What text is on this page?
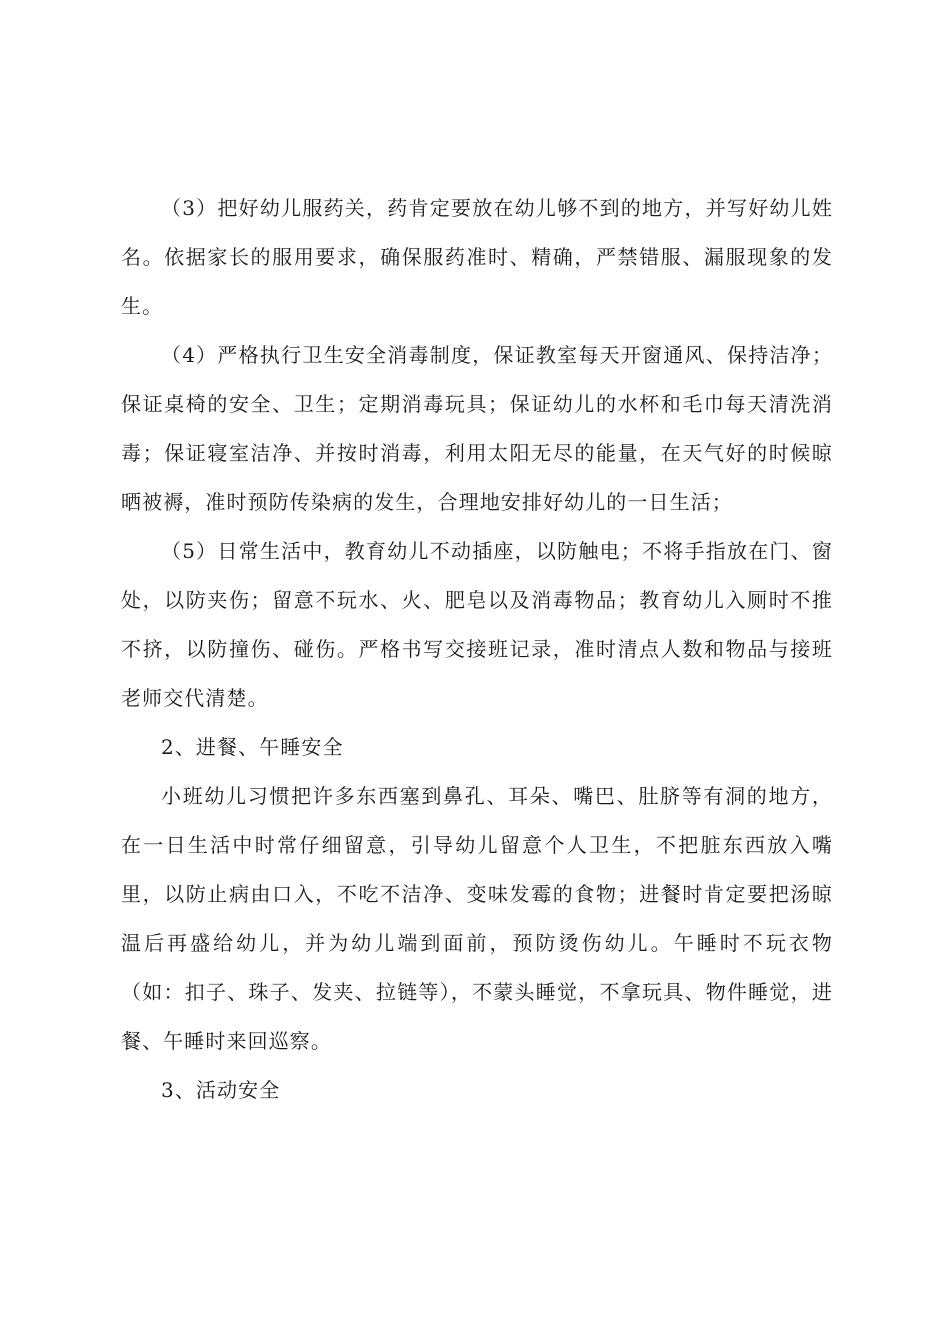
（3）把好幼儿服药关，药肯定要放在幼儿够不到的地方，并写好幼儿姓名。依据家长的服用要求，确保服药准时、精确，严禁错服、漏服现象的发生。

（4）严格执行卫生安全消毒制度，保证教室每天开窗通风、保持洁净；保证桌椅的安全、卫生；定期消毒玩具；保证幼儿的水杯和毛巾每天清洗消毒；保证寝室洁净、并按时消毒，利用太阳无尽的能量，在天气好的时候晾晒被褥，准时预防传染病的发生，合理地安排好幼儿的一日生活；

（5）日常生活中，教育幼儿不动插座，以防触电；不将手指放在门、窗处，以防夹伤；留意不玩水、火、肥皂以及消毒物品；教育幼儿入厕时不推不挤，以防撞伤、碰伤。严格书写交接班记录，准时清点人数和物品与接班老师交代清楚。

2、进餐、午睡安全

小班幼儿习惯把许多东西塞到鼻孔、耳朵、嘴巴、肚脐等有洞的地方，在一日生活中时常仔细留意，引导幼儿留意个人卫生，不把脏东西放入嘴里，以防止病由口入，不吃不洁净、变味发霉的食物；进餐时肯定要把汤晾温后再盛给幼儿，并为幼儿端到面前，预防烫伤幼儿。午睡时不玩衣物（如：扣子、珠子、发夹、拉链等），不蒙头睡觉，不拿玩具、物件睡觉，进餐、午睡时来回巡察。

3、活动安全
